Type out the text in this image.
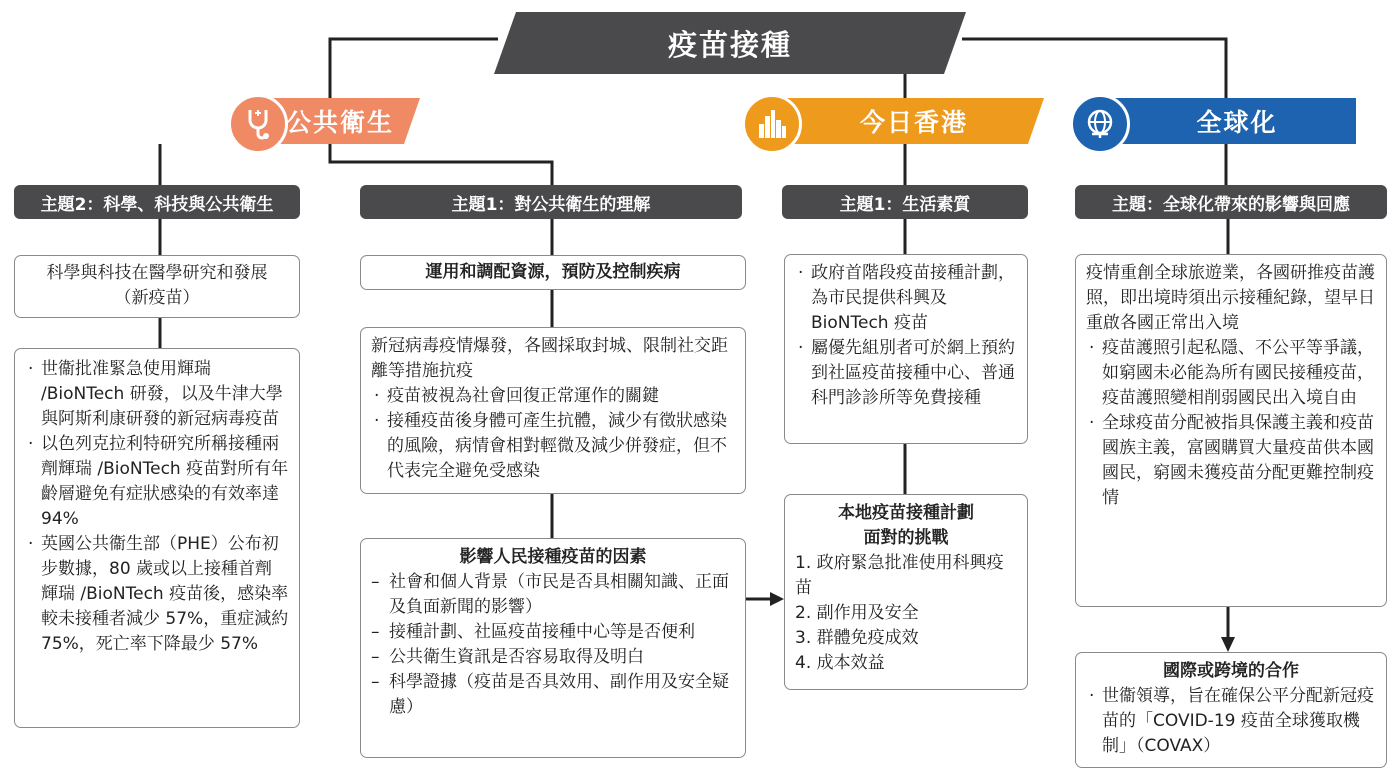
疫苗接種
公共衛生	今日香港	全球化
主題2：科學、科技與公共衛生	主題1：對公共衛生的理解	主題1：生活素質	主題：全球化帶來的影響與回應
科學與科技在醫學研究和發展
（新疫苗）
· 世衞批准緊急使用輝瑞 /BioNTech 研發，以及牛津大學與阿斯利康研發的新冠病毒疫苗
· 以色列克拉利特研究所稱接種兩劑輝瑞 /BioNTech 疫苗對所有年齡層避免有症狀感染的有效率達 94%
· 英國公共衞生部（PHE）公布初步數據，80 歲或以上接種首劑輝瑞 /BioNTech 疫苗後，感染率較未接種者減少 57%，重症減約 75%，死亡率下降最少 57%
運用和調配資源，預防及控制疾病
新冠病毒疫情爆發，各國採取封城、限制社交距離等措施抗疫
· 疫苗被視為社會回復正常運作的關鍵
· 接種疫苗後身體可產生抗體，減少有徵狀感染的風險，病情會相對輕微及減少併發症，但不代表完全避免受感染
影響人民接種疫苗的因素
– 社會和個人背景（市民是否具相關知識、正面及負面新聞的影響）
– 接種計劃、社區疫苗接種中心等是否便利
– 公共衛生資訊是否容易取得及明白
– 科學證據（疫苗是否具效用、副作用及安全疑慮）
· 政府首階段疫苗接種計劃，為市民提供科興及 BioNTech 疫苗
· 屬優先組別者可於網上預約到社區疫苗接種中心、普通科門診診所等免費接種
本地疫苗接種計劃
面對的挑戰
1. 政府緊急批准使用科興疫苗
2. 副作用及安全
3. 群體免疫成效
4. 成本效益
疫情重創全球旅遊業，各國研推疫苗護照，即出境時須出示接種紀錄，望早日重啟各國正常出入境
· 疫苗護照引起私隱、不公平等爭議，如窮國未必能為所有國民接種疫苗，疫苗護照變相削弱國民出入境自由
· 全球疫苗分配被指具保護主義和疫苗國族主義，富國購買大量疫苗供本國國民，窮國未獲疫苗分配更難控制疫情
國際或跨境的合作
· 世衞領導，旨在確保公平分配新冠疫苗的「COVID-19 疫苗全球獲取機制」（COVAX）
